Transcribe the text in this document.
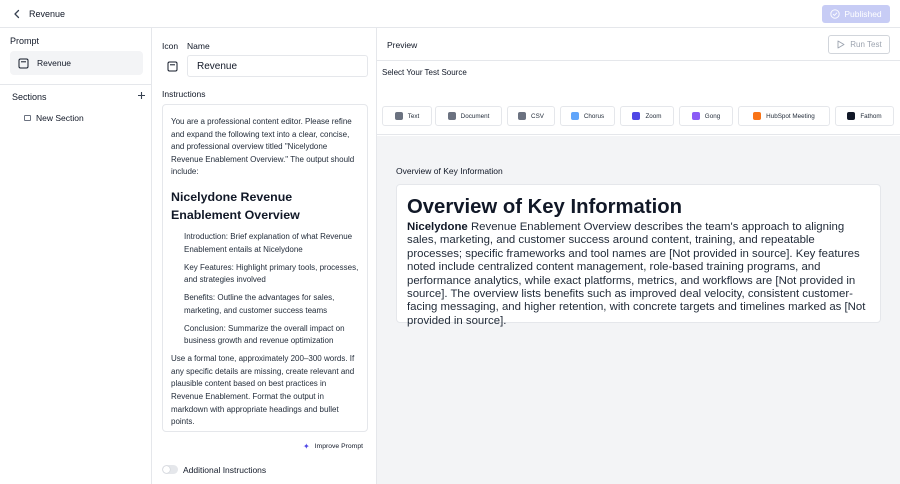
Revenue	Published
Prompt
Revenue
Sections
New Section
Icon Name
Revenue
Instructions

You are a professional content editor. Please refine and expand the following text into a clear, concise, and professional overview titled "Nicelydone Revenue Enablement Overview." The output should include:

Nicelydone Revenue Enablement Overview
Introduction: Brief explanation of what Revenue Enablement entails at Nicelydone
Key Features: Highlight primary tools, processes, and strategies involved
Benefits: Outline the advantages for sales, marketing, and customer success teams
Conclusion: Summarize the overall impact on business growth and revenue optimization

Use a formal tone, approximately 200–300 words. If any specific details are missing, create relevant and plausible content based on best practices in Revenue Enablement. Format the output in markdown with appropriate headings and bullet points.

✦ Improve Prompt
Additional Instructions
Preview	Run Test
Select Your Test Source
Text	Document	CSV	Chorus	Zoom	Gong	HubSpot Meeting	Fathom
Overview of Key Information
Overview of Key Information

Nicelydone Revenue Enablement Overview describes the team's approach to aligning sales, marketing, and customer success around content, training, and repeatable processes; specific frameworks and tool names are [Not provided in source]. Key features noted include centralized content management, role-based training programs, and performance analytics, while exact platforms, metrics, and workflows are [Not provided in source]. The overview lists benefits such as improved deal velocity, consistent customer-facing messaging, and higher retention, with concrete targets and timelines marked as [Not provided in source].
